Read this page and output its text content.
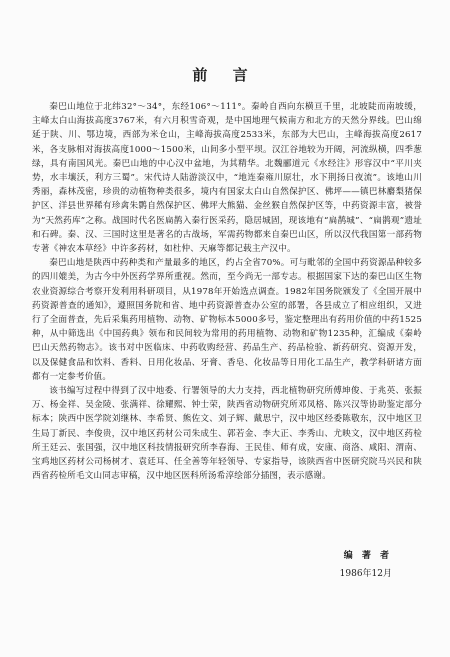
前 言

秦巴山地位于北纬32°～34°，东经106°～111°。秦岭自西向东横亘千里，北坡陡而南坡缓，主峰太白山海拔高度3767米，有六月积雪奇观，是中国地理气候南方和北方的天然分界线。巴山绵延于陕、川、鄂边境，西部为米仓山，主峰海拔高度2533米，东部为大巴山，主峰海拔高度2617米，各支脉相对海拔高度1000～1500米，山间多小型平坝。汉江谷地较为开阔，河流纵横，四季葱绿，具有南国风光。秦巴山地的中心汉中盆地，为其精华。北魏郦道元《水经注》形容汉中“平川夹势，水丰壤沃，利方三蜀”。宋代诗人陆游淡汉中，“地连秦雍川原壮，水下荆扬日夜流”。该地山川秀丽，森林茂密，珍贵的动植物种类很多，境内有国家太白山自然保护区、佛坪——镇巴林麝梨猪保护区、洋县世界稀有珍禽朱鹮自然保护区、佛坪大熊猫、金丝猴自然保护区等，中药资源丰富，被誉为“天然药库”之称。战国时代名医扁鹊入秦行医采药，隐居城固，现该地有“扁鹊城”、“扁鹊观”遗址和石碑。秦、汉、三国时这里是著名的古战场，军需药物都来自秦巴山区，所以汉代我国第一部药物专著《神农本草经》中许多药材，如杜仲、天麻等都记载主产汉中。

秦巴山地是陕西中药种类和产量最多的地区，约占全省70%。可与毗邻的全国中药资源品种较多的四川媲美，为古今中外医药学界所重视。然而，至今尚无一部专志。根据国家下达的秦巴山区生物农业资源综合考察开发利用科研项目，从1978年开始选点调查。1982年国务院颁发了《全国开展中药资源普查的通知》，遵照国务院和省、地中药资源普查办公室的部署，各县成立了相应组织，又进行了全面普查，先后采集药用植物、动物、矿物标本5000多号，鉴定整理出有药用价值的中药1525种，从中筛选出《中国药典》领布和民间较为常用的药用植物、动物和矿物1235种，汇编成《秦岭巴山天然药物志》。该书对中医临床、中药收购经营、药品生产、药品检验、新药研究、资源开发，以及保健食品和饮料、香料、日用化妆品、牙膏、香皂、化妆品等日用化工品生产，教学科研诸方面都有一定参考价值。

该书编写过程中得到了汉中地委、行署领导的大力支持，西北植物研究所傅坤俊、于兆英、张振万、杨金祥、吴金陵、张满祥、徐耀熙、钟士荣，陕西省动物研究所邓凤格、陈兴汉等协助鉴定部分标本；陕西中医学院刘继林、李希贤、熊佐文、刘子辉、戴思宁，汉中地区经委陈敬东，汉中地区卫生局丁新民、李俊贵，汉中地区药材公司朱成生、郭若金、李大正、李秀山、尤映文，汉中地区药检所王廷云、张国强，汉中地区科技情报研究所李春海、王民佳、师有成，安康、商洛、咸阳、渭南、宝鸡地区药材公司杨树才、袁廷耳、任全善等年轻领导、专家指导，该陕西省中医研究院马兴民和陕西省药检所毛文山同志审稿，汉中地区医科所汤希淳绘部分插图，表示感谢。

编 著 者
1986年12月
